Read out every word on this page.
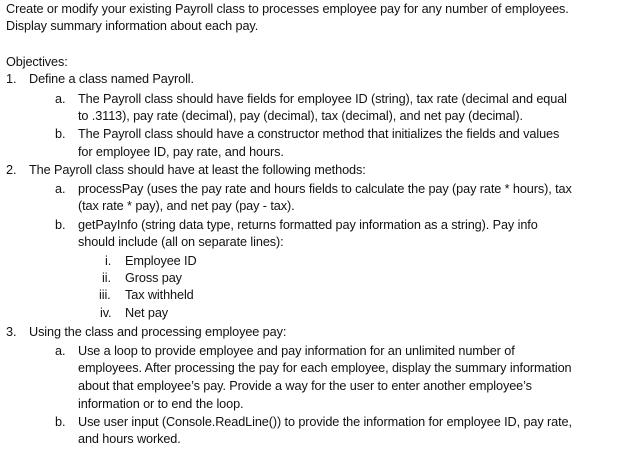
Create or modify your existing Payroll class to processes employee pay for any number of employees.
Display summary information about each pay.
Objectives:
1. Define a class named Payroll.
a. The Payroll class should have fields for employee ID (string), tax rate (decimal and equal
to .3113), pay rate (decimal), pay (decimal), tax (decimal), and net pay (decimal).
b. The Payroll class should have a constructor method that initializes the fields and values
for employee ID, pay rate, and hours.
2. The Payroll class should have at least the following methods:
a. processPay (uses the pay rate and hours fields to calculate the pay (pay rate * hours), tax
(tax rate * pay), and net pay (pay - tax).
b. getPayInfo (string data type, returns formatted pay information as a string). Pay info
should include (all on separate lines):
i. Employee ID
ii. Gross pay
iii. Tax withheld
iv. Net pay
3. Using the class and processing employee pay:
a. Use a loop to provide employee and pay information for an unlimited number of
employees. After processing the pay for each employee, display the summary information
about that employee’s pay. Provide a way for the user to enter another employee’s
information or to end the loop.
b. Use user input (Console.ReadLine()) to provide the information for employee ID, pay rate,
and hours worked.
